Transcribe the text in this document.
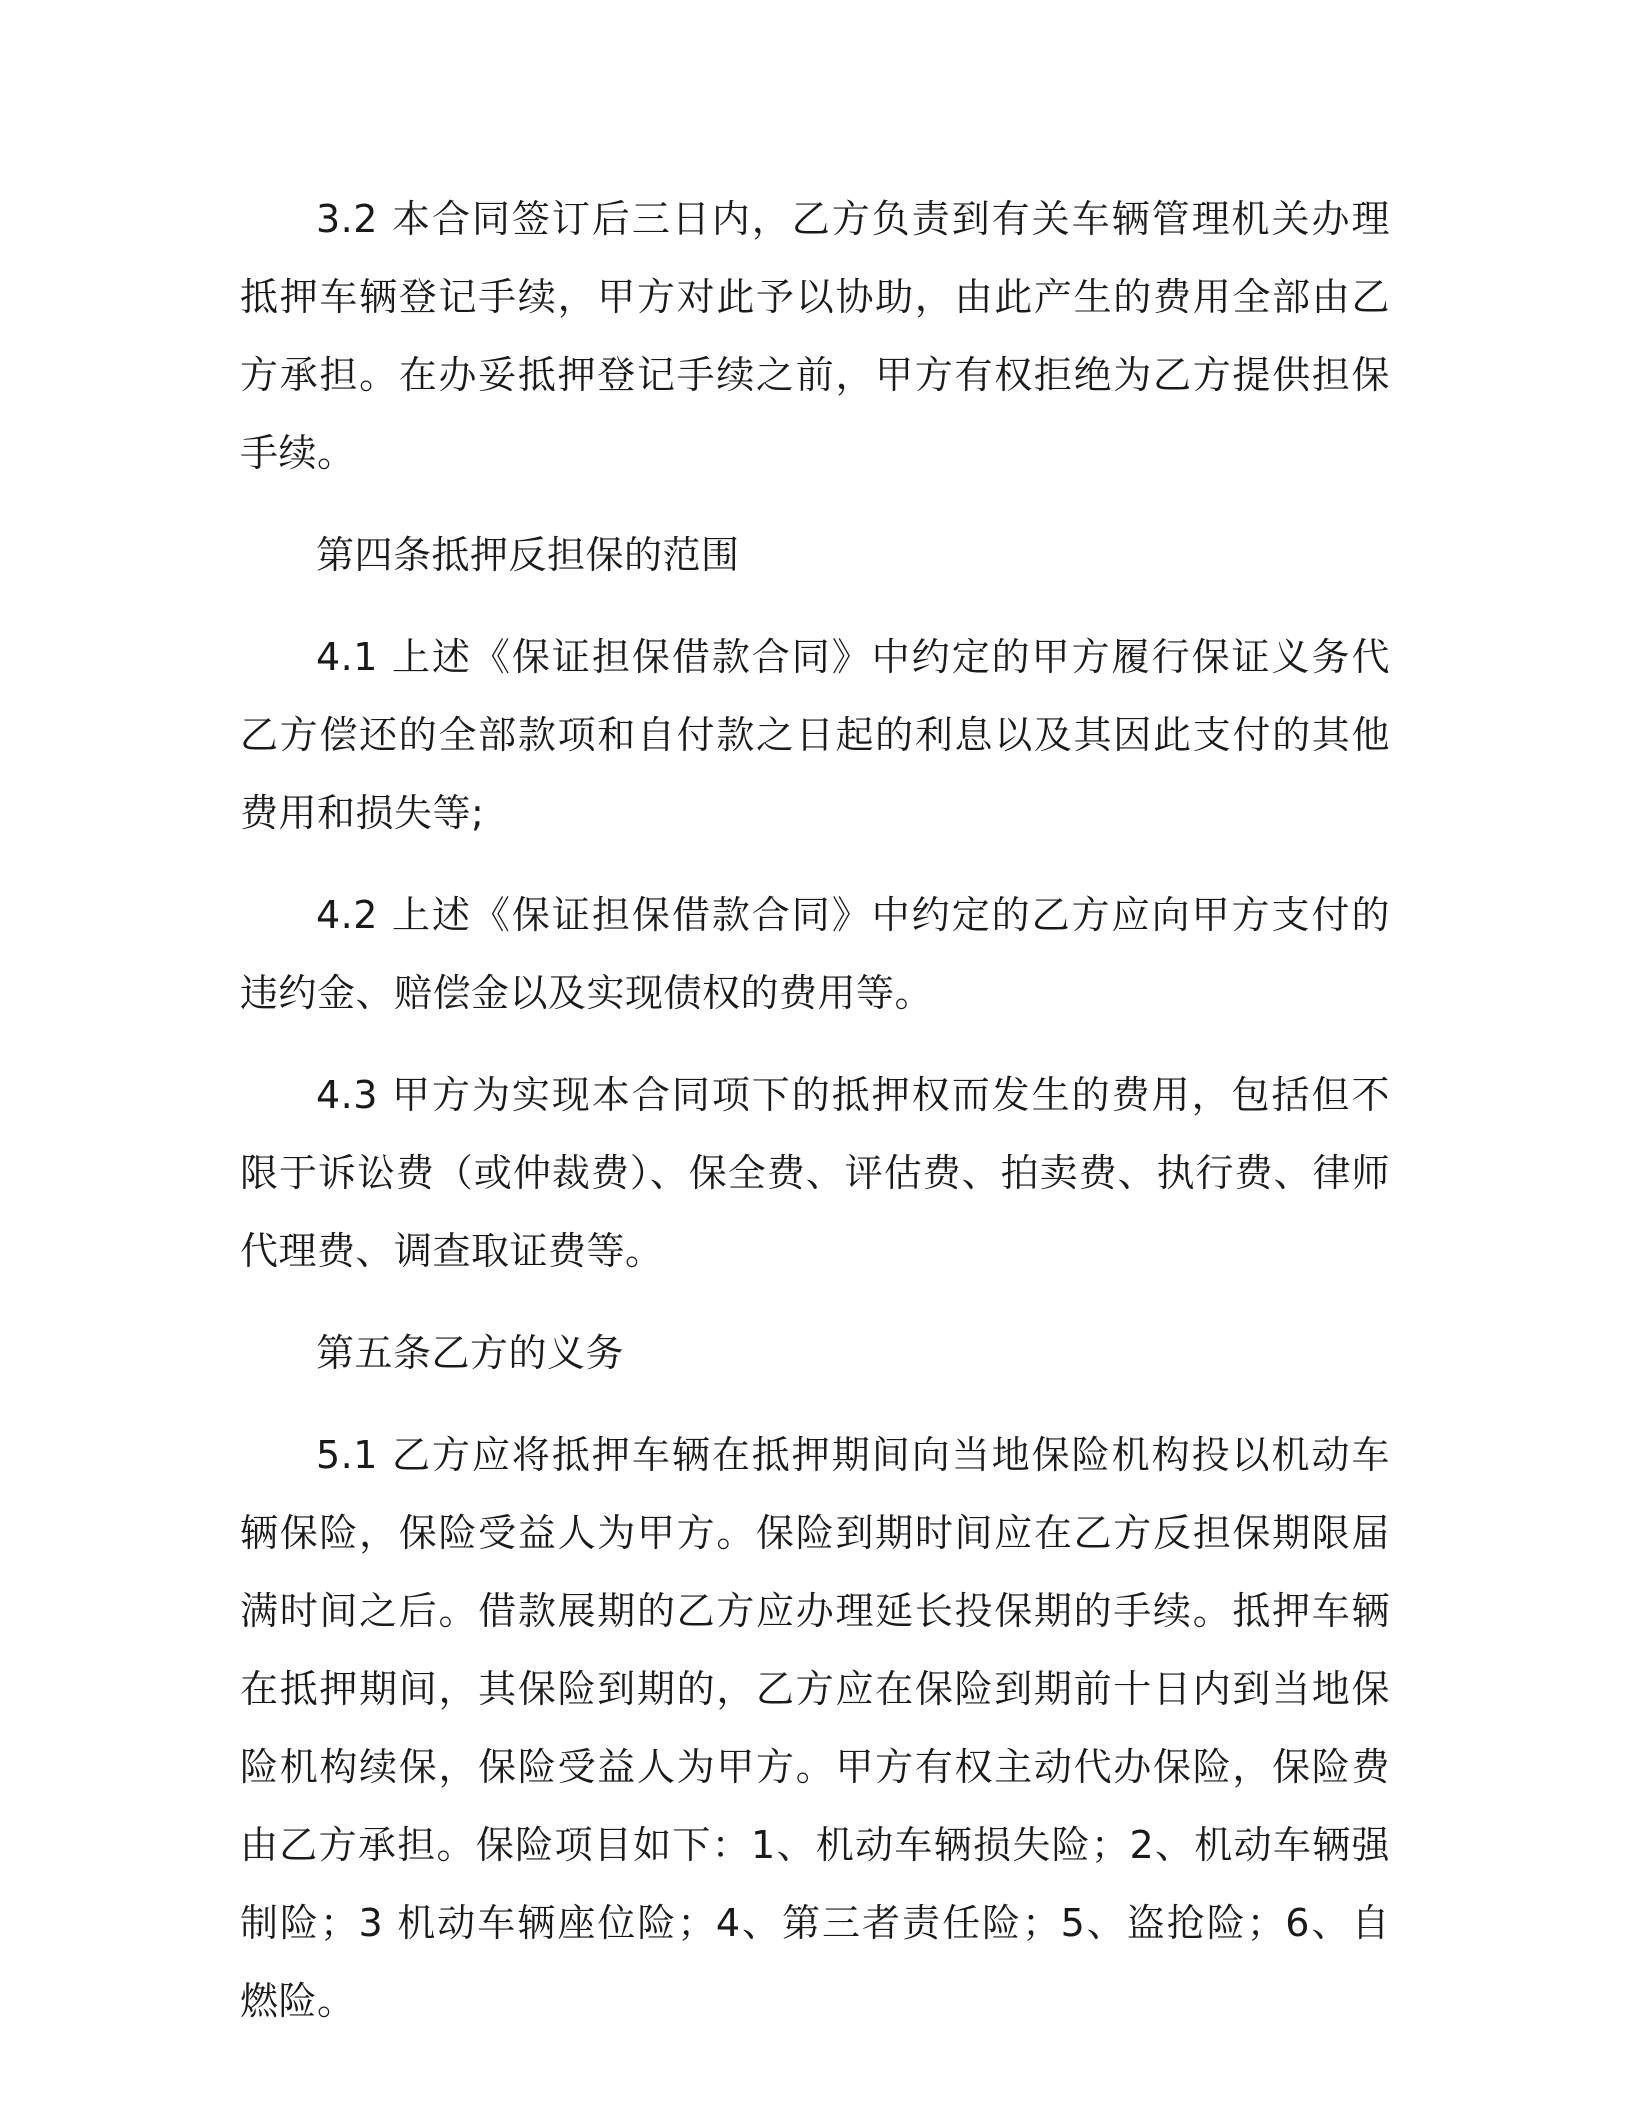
3.2 本合同签订后三日内，乙方负责到有关车辆管理机关办理抵押车辆登记手续，甲方对此予以协助，由此产生的费用全部由乙方承担。在办妥抵押登记手续之前，甲方有权拒绝为乙方提供担保手续。

第四条抵押反担保的范围

4.1 上述《保证担保借款合同》中约定的甲方履行保证义务代乙方偿还的全部款项和自付款之日起的利息以及其因此支付的其他费用和损失等;

4.2 上述《保证担保借款合同》中约定的乙方应向甲方支付的违约金、赔偿金以及实现债权的费用等。

4.3 甲方为实现本合同项下的抵押权而发生的费用，包括但不限于诉讼费（或仲裁费）、保全费、评估费、拍卖费、执行费、律师代理费、调查取证费等。

第五条乙方的义务

5.1 乙方应将抵押车辆在抵押期间向当地保险机构投以机动车辆保险，保险受益人为甲方。保险到期时间应在乙方反担保期限届满时间之后。借款展期的乙方应办理延长投保期的手续。抵押车辆在抵押期间，其保险到期的，乙方应在保险到期前十日内到当地保险机构续保，保险受益人为甲方。甲方有权主动代办保险，保险费由乙方承担。保险项目如下：1、机动车辆损失险；2、机动车辆强制险；3 机动车辆座位险；4、第三者责任险；5、盗抢险；6、自燃险。
